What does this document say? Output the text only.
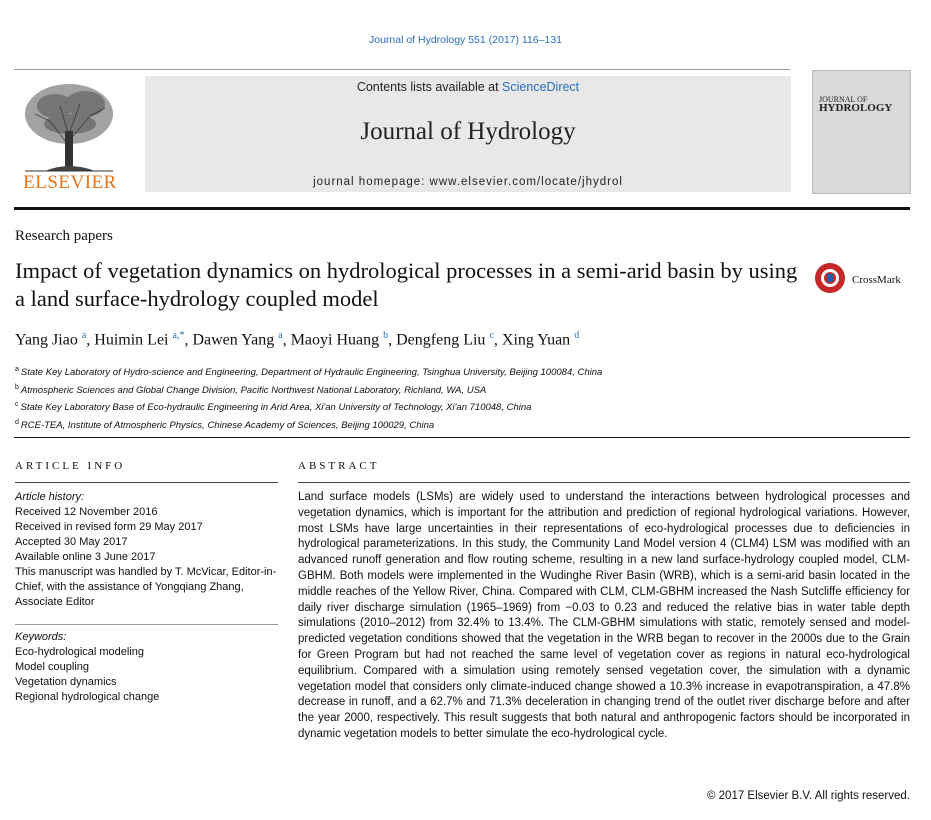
Journal of Hydrology 551 (2017) 116–131
ELSEVIER
Contents lists available at ScienceDirect
Journal of Hydrology
journal homepage: www.elsevier.com/locate/jhydrol
JOURNAL OF
HYDROLOGY
Research papers
Impact of vegetation dynamics on hydrological processes in a semi-arid basin by using a land surface-hydrology coupled model
CrossMark
Yang Jiao $^a$, Huimin Lei $^{a,*}$, Dawen Yang $^a$, Maoyi Huang $^b$, Dengfeng Liu $^c$, Xing Yuan $^d$
$^a$ State Key Laboratory of Hydro-science and Engineering, Department of Hydraulic Engineering, Tsinghua University, Beijing 100084, China
$^b$ Atmospheric Sciences and Global Change Division, Pacific Northwest National Laboratory, Richland, WA, USA
$^c$ State Key Laboratory Base of Eco-hydraulic Engineering in Arid Area, Xi'an University of Technology, Xi'an 710048, China
$^d$ RCE-TEA, Institute of Atmospheric Physics, Chinese Academy of Sciences, Beijing 100029, China
ARTICLE INFO	ABSTRACT
Article history:
Received 12 November 2016
Received in revised form 29 May 2017
Accepted 30 May 2017
Available online 3 June 2017
This manuscript was handled by T. McVicar, Editor-in-Chief, with the assistance of Yongqiang Zhang, Associate Editor
Keywords:
Eco-hydrological modeling
Model coupling
Vegetation dynamics
Regional hydrological change
Land surface models (LSMs) are widely used to understand the interactions between hydrological processes and vegetation dynamics, which is important for the attribution and prediction of regional hydrological variations. However, most LSMs have large uncertainties in their representations of eco-hydrological processes due to deficiencies in hydrological parameterizations. In this study, the Community Land Model version 4 (CLM4) LSM was modified with an advanced runoff generation and flow routing scheme, resulting in a new land surface-hydrology coupled model, CLM-GBHM. Both models were implemented in the Wudinghe River Basin (WRB), which is a semi-arid basin located in the middle reaches of the Yellow River, China. Compared with CLM, CLM-GBHM increased the Nash Sutcliffe efficiency for daily river discharge simulation (1965–1969) from −0.03 to 0.23 and reduced the relative bias in water table depth simulations (2010–2012) from 32.4% to 13.4%. The CLM-GBHM simulations with static, remotely sensed and model-predicted vegetation conditions showed that the vegetation in the WRB began to recover in the 2000s due to the Grain for Green Program but had not reached the same level of vegetation cover as regions in natural eco-hydrological equilibrium. Compared with a simulation using remotely sensed vegetation cover, the simulation with a dynamic vegetation model that considers only climate-induced change showed a 10.3% increase in evapotranspiration, a 47.8% decrease in runoff, and a 62.7% and 71.3% deceleration in changing trend of the outlet river discharge before and after the year 2000, respectively. This result suggests that both natural and anthropogenic factors should be incorporated in dynamic vegetation models to better simulate the eco-hydrological cycle.
© 2017 Elsevier B.V. All rights reserved.
